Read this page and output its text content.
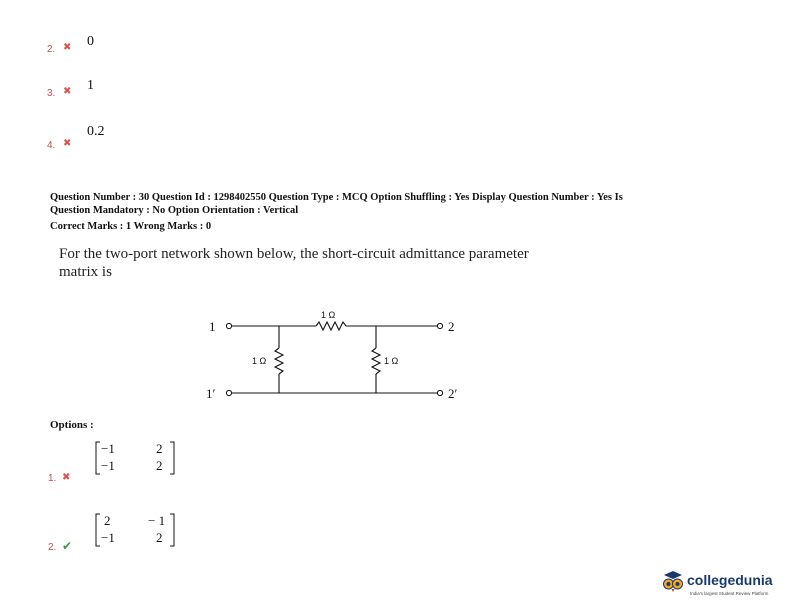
2. ✖ 0
3. ✖ 1
4. ✖
0.2
Question Number : 30 Question Id : 1298402550 Question Type : MCQ Option Shuffling : Yes Display Question Number : Yes Is
Question Mandatory : No Option Orientation : Vertical
Correct Marks : 1 Wrong Marks : 0
For the two-port network shown below, the short-circuit admittance parameter
matrix is
1
1′
2
2′
1 Ω
1 Ω	1 Ω
Options :
1. ✖
−1	2
−1	2
2. ✔
2	− 1
−1	2
collegedunia
India's largest Student Review Platform
